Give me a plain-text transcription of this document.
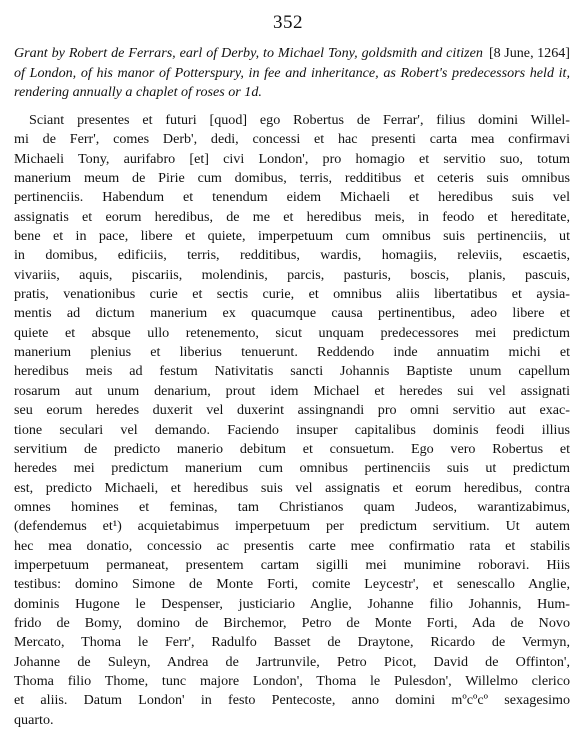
352
[8 June, 1264]
Grant by Robert de Ferrars, earl of Derby, to Michael Tony, goldsmith and citizen of London, of his manor of Potterspury, in fee and inheritance, as Robert's predecessors held it, rendering annually a chaplet of roses or 1d.
Sciant presentes et futuri [quod] ego Robertus de Ferrar', filius domini Willel-
mi de Ferr', comes Derb', dedi, concessi et hac presenti carta mea confirmavi
Michaeli Tony, aurifabro [et] civi London', pro homagio et servitio suo, totum
manerium meum de Pirie cum domibus, terris, redditibus et ceteris suis omnibus
pertinenciis. Habendum et tenendum eidem Michaeli et heredibus suis vel
assignatis et eorum heredibus, de me et heredibus meis, in feodo et hereditate,
bene et in pace, libere et quiete, imperpetuum cum omnibus suis pertinenciis, ut
in domibus, edificiis, terris, redditibus, wardis, homagiis, releviis, escaetis,
vivariis, aquis, piscariis, molendinis, parcis, pasturis, boscis, planis, pascuis,
pratis, venationibus curie et sectis curie, et omnibus aliis libertatibus et aysia-
mentis ad dictum manerium ex quacumque causa pertinentibus, adeo libere et
quiete et absque ullo retenemento, sicut unquam predecessores mei predictum
manerium plenius et liberius tenuerunt. Reddendo inde annuatim michi et
heredibus meis ad festum Nativitatis sancti Johannis Baptiste unum capellum
rosarum aut unum denarium, prout idem Michael et heredes sui vel assignati
seu eorum heredes duxerit vel duxerint assingnandi pro omni servitio aut exac-
tione seculari vel demando. Faciendo insuper capitalibus dominis feodi illius
servitium de predicto manerio debitum et consuetum. Ego vero Robertus et
heredes mei predictum manerium cum omnibus pertinenciis suis ut predictum
est, predicto Michaeli, et heredibus suis vel assignatis et eorum heredibus, contra
omnes homines et feminas, tam Christianos quam Judeos, warantizabimus,
(defendemus et¹) acquietabimus imperpetuum per predictum servitium. Ut autem
hec mea donatio, concessio ac presentis carte mee confirmatio rata et stabilis
imperpetuum permaneat, presentem cartam sigilli mei munimine roboravi. Hiis
testibus: domino Simone de Monte Forti, comite Leycestr', et senescallo Anglie,
dominis Hugone le Despenser, justiciario Anglie, Johanne filio Johannis, Hum-
frido de Bomy, domino de Birchemor, Petro de Monte Forti, Ada de Novo
Mercato, Thoma le Ferr', Radulfo Basset de Draytone, Ricardo de Vermyn,
Johanne de Suleyn, Andrea de Jartrunvile, Petro Picot, David de Offinton',
Thoma filio Thome, tunc majore London', Thoma le Pulesdon', Willelmo clerico
et aliis. Datum London' in festo Pentecoste, anno domini mºcºcº sexagesimo
quarto.
